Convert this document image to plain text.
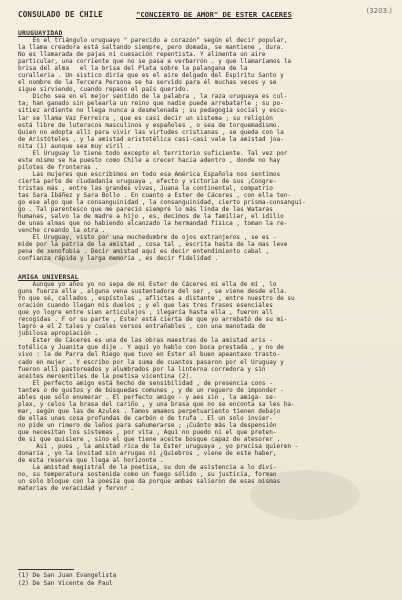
CONSULADO DE CHILE	"CONCIERTO DE AMOR" DE ESTER CACERES	(3203.)
URUGUAYIDAD
En el triángulo uruguayo " parecido a corazón" según el decir popular,
la llama creadora está saltando siempre, pero domada, se mantiene , dura.
No es llamarada de pajas ni cuesación repentista. Y alimenta un aire
particular, una corriente que no se pasa a verbarrón . y que llamaríamos la
brisa del alma   el la brisa del Plata sobre la palangana de la
curalleria . Un sistico diría que es el aire delgado del Espíritu Santo y
el nombre de la Tercera Persona se ha servido para él muchas veces y se
sigue sirviendo, cuando repaso el país querido.
Dicho sea en el mejor sentido de la palabra , la raza uruguaya es cul-
ta; han ganado sin pelearla un reino que nadie puede arrebatarle ; su po-
sitiez ardiente no llega nunca a desmelenada ; su pedagogía social y escu-
lar se llama Vaz Ferreira , que es casi decir un sistema ; su religión
está libre de luteracos masculinos y españoles , o sea de torquemadismo.
Quien no adopta allí para vivir las virtudes cristianas , se queda con la
de Aristóteles , y la amistad aristotélica casi-casi vale la amistad joa-
nita (1) aunque sea muy viril .
El Uruguay lo tiene todo excepto el territorio suficiente. Tal vez por
este mismo se ha puesto como Chile a crecer hacia adentro , donde no hay
pilotes de fronteras .
Las mujeres que escribimos en todo esa América Española nos sentimos
cierta parte de ciudadanía uruguaya , efecto y victoria de sus ¡Congre-
tristas más , entre las grandes vivas, Juana la continental, compatrio
tas Sara Ibáñez y Sara Bollo . En cuanto a Ester de Cáceres , con ella ten-
go ese algo que la consanguinidad , la consanguinidad, cierto prisma-consanguí-
go . Tal parentesco que me pareció siempre lo más linda de las Wataras
humanas, salvo la de madre a hijo , es, decimos de la familiar, el idilio
de unas almas que no habiendo alcanzado la hermandad física , toman la re-
venche creando la otra .
El Uruguay, visto por una muchedumbre de ojos extranjeros , se es -
mide por la patria de la amistad , cosa tal , escrita hasta de la mas leve
pena de xenofobia . Decir amistad aquí es decir entendimiento cabal ,
confianza rápida y larga memoria , es decir fidelidad .
AMIGA UNIVERSAL
Aunque yo años yo no sepa de mi Ester de Cáceres mi ella de mí , lo
guns fuerza ella , alguna vena sustentadora del ser , se viene desde ella.
Yo que sé, callados , espístolas , aflictas a distante , entre nuestro de su
oración cuando llegan mis duelos ; y el que las tres frases esenciales
que yo logre entre sien articulejos , ilegaría hasta ella , fueron all
recogidas . F or su parte , Ester está cierta de que yo arrebató de su mi-
lagro a el Z tales y cuales versos entrañables , con una manotada de
jubilosa apropiación .
Ester de Cáceres es una de las obras maestras de la amistad aris -
totélica y Juanita que dije . Y aquí yo hablo con boca prestada , y no de
vivo : la de Parra del Riego que tuvo en Ester al buen apeantaxo trasto-
cado en mujer . Y escribo por la suma de cuantos pasaron por el Uruguay y
fueron allí pastoreados y alumbrados por la linterna corredora y sin
aceites meroentiles de la poetisa vicentina (2).
El perfecto amigo está hecho de sensibilidad , de presencia cons -
tantes o de gustos y de búsquedas comunes , y de un reguero de imponder -
ables que sólo enumerar . El perfecto amigo - y aes sin , la amiga- se-
plax, y celos la brasa del cariño , y una brasa que no se enconta sa les ha-
mar, según que las de Azules . Tamos amamos perpetuariento tienen debajo
de ellas unas cosa profundas de carbón o de trufa . El un solo invier-
no pide un rimero de leños para sahumerarse ; ¡Cuánto más la despensión
que necesitan los sistemas , por vita , Aquí no puedo ni el que preten-
de si que quisiere , sino el que tiene aceite bosque capaz de atesorer .
Así , pues , la amistad rica de la Ester uruguaya , yo precisa quieren -
donaria , yo la invitad sin arrugas ni ¿Quiebros , viene de este haber,
de esta reserva que llega al horizonte .
La amistad magistral de la poetisa, su don de asistencia a lo divi-
no, su temperatura sostenida como un fuego sólido , su justicia, forman
un solo bloque con la poesía que da porque ambas salieron de esas mismas
materias de veracidad y fervor .
(1) De San Juan Evangelista
(2) De San Vicente de Paul
